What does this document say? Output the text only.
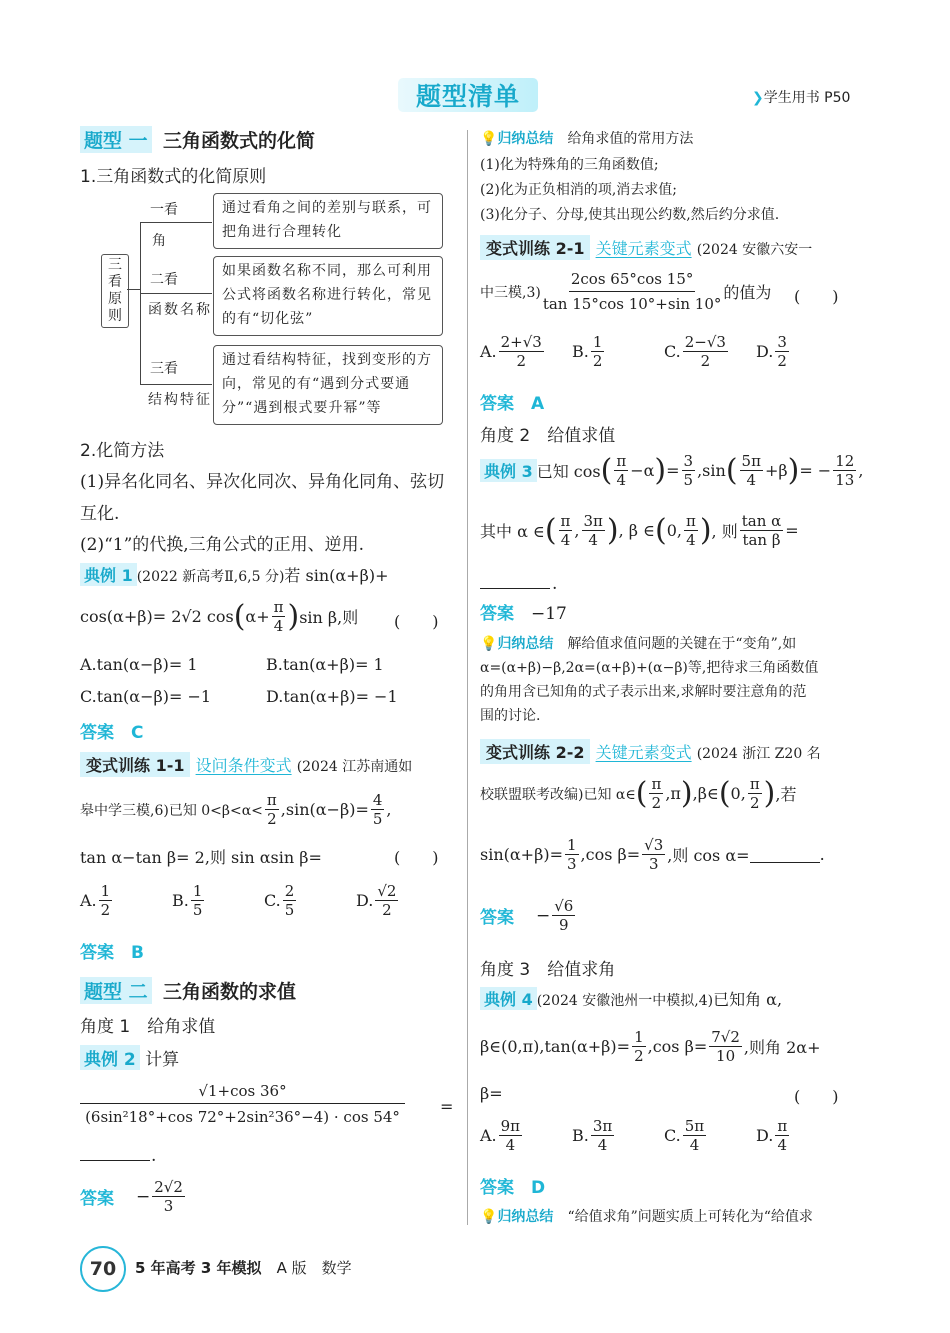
题型清单	❯学生用书 P50
题型 一 三角函数式的化简
1.三角函数式的化简原则
三看原则
一看
角
二看
函数名称
三看
结构特征
通过看角之间的差别与联系，可把角进行合理转化
如果函数名称不同，那么可利用公式将函数名称进行转化，常见的有“切化弦”
通过看结构特征，找到变形的方向，常见的有“遇到分式要通分”“遇到根式要升幂”等
2.化简方法
(1)异名化同名、异次化同次、异角化同角、弦切互化.
(2)“1”的代换,三角公式的正用、逆用.
典例 1 (2022 新高考Ⅱ,6,5 分)若 sin(α+β)+
cos(α+β)= 2√2 cos ( $\alpha+ \frac{\pi}{4}$ ) sin β,则 (　　)
A.tan(α−β)= 1	B.tan(α+β)= 1
C.tan(α−β)= −1	D.tan(α+β)= −1
答案　 C
变式训练 1-1 设问条件变式 (2024 江苏南通如
皋中学三模,6)已知 $0<\beta<\alpha< \frac{\pi}{2} ,\sin(\alpha-\beta)= \frac{4}{5}$ ,
tan α−tan β= 2,则 sin αsin β=	(　　)
A. $\frac{1}{2}$	B. $\frac{1}{5}$	C. $\frac{2}{5}$	D. $\frac{√2}{2}$
答案　 B
题型 二 三角函数的求值
角度 1　给角求值
典例 2 计算
√1+cos 36°
(6sin²18°+cos 72°+2sin²36°−4) · cos 54°
=
.
答案 − $\frac{2√2}{3}$
💡归纳总结　 给角求值的常用方法
(1)化为特殊角的三角函数值;
(2)化为正负相消的项,消去求值;
(3)化分子、分母,使其出现公约数,然后约分求值.
变式训练 2-1 关键元素变式 (2024 安徽六安一
中三模,3)
2cos 65°cos 15°
tan 15°cos 10°+sin 10°
的值为 (　　)
A. $\frac{2+√3}{2} B$. $\frac{1}{2}$	C. $\frac{2-√3}{2} D$. $\frac{3}{2}$
答案　 A
角度 2　给值求值
典例 3 已知 cos ( $\frac{\pi}{4} -\alpha$ ) = $\frac{3}{5} ,\sin$ ( $\frac{5\pi}{4} +\beta$ ) = − $\frac{12}{13}$ ,
其中 α ∈ ( $\frac{\pi}{4}$ , $\frac{3\pi}{4}$ ) , β ∈ ( 0, $\frac{\pi}{4}$ ) , 则 $\frac{\text{tan α}}{\text{tan β}}$ =
.
答案　 −17
💡归纳总结　 解给值求值问题的关键在于“变角”,如
α=(α+β)−β,2α=(α+β)+(α−β)等,把待求三角函数值
的角用含已知角的式子表示出来,求解时要注意角的范
围的讨论.
变式训练 2-2 关键元素变式 (2024 浙江 Z20 名
校联盟联考改编)已知 α∈ ( $\frac{\pi}{2} ,\pi$ ) ,β∈ ( 0, $\frac{\pi}{2}$ ) ,若
$\sin(\alpha+\beta)= \frac{1}{3} ,\cos$ $\beta= \frac{√3}{3}$ ,则 cos α=	.
答案 − $\frac{√6}{9}$
角度 3　给值求角
典例 4 (2024 安徽池州一中模拟,4)已知角 α,
β∈(0,π),tan(α+β)= $\frac{1}{2} ,\cos$ $\beta= \frac{7√2}{10}$ ,则角 2α+
β=	(　　)
A. $\frac{9\pi}{4}$	B. $\frac{3\pi}{4}$	C. $\frac{5\pi}{4}$	D. $\frac{\pi}{4}$
答案　 D
💡归纳总结　 “给值求角”问题实质上可转化为“给值求
70 5 年高考 3 年模拟　 A 版　 数学
